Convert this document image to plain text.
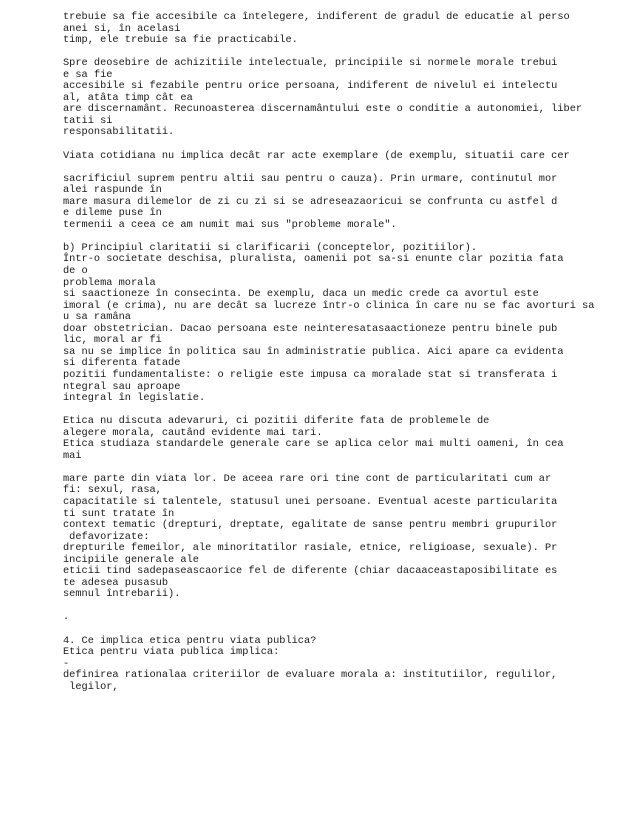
trebuie sa fie accesibile ca întelegere, indiferent de gradul de educatie al perso
anei si, în acelasi
timp, ele trebuie sa fie practicabile.
Spre deosebire de achizitiile intelectuale, principiile si normele morale trebui
e sa fie
accesibile si fezabile pentru orice persoana, indiferent de nivelul ei intelectu
al, atâta timp cât ea
are discernamânt. Recunoasterea discernamântului este o conditie a autonomiei, liber
tatii si
responsabilitatii.
Viata cotidiana nu implica decât rar acte exemplare (de exemplu, situatii care cer
sacrificiul suprem pentru altii sau pentru o cauza). Prin urmare, continutul mor
alei raspunde în
mare masura dilemelor de zi cu zi si se adreseazaoricui se confrunta cu astfel d
e dileme puse în
termenii a ceea ce am numit mai sus "probleme morale".
b) Principiul claritatii si clarificarii (conceptelor, pozitiilor).
Într-o societate deschisa, pluralista, oamenii pot sa-si enunte clar pozitia fata
de o
problema morala
si saactioneze în consecinta. De exemplu, daca un medic crede ca avortul este
imoral (e crima), nu are decât sa lucreze într-o clinica în care nu se fac avorturi sa
u sa ramâna
doar obstetrician. Dacao persoana este neinteresatasaactioneze pentru binele pub
lic, moral ar fi
sa nu se implice în politica sau în administratie publica. Aici apare ca evidenta
si diferenta fatade
pozitii fundamentaliste: o religie este impusa ca moralade stat si transferata i
ntegral sau aproape
integral în legislatie.
Etica nu discuta adevaruri, ci pozitii diferite fata de problemele de
alegere morala, cautând evidente mai tari.
Etica studiaza standardele generale care se aplica celor mai multi oameni, în cea
mai
mare parte din viata lor. De aceea rare ori tine cont de particularitati cum ar
fi: sexul, rasa,
capacitatile si talentele, statusul unei persoane. Eventual aceste particularita
ti sunt tratate în
context tematic (drepturi, dreptate, egalitate de sanse pentru membri grupurilor
defavorizate:
drepturile femeilor, ale minoritatilor rasiale, etnice, religioase, sexuale). Pr
incipiile generale ale
eticii tind sadepaseascaorice fel de diferente (chiar dacaaceastaposibilitate es
te adesea pusasub
semnul întrebarii).
.
4. Ce implica etica pentru viata publica?
Etica pentru viata publica implica:
-
definirea rationalaa criteriilor de evaluare morala a: institutiilor, regulilor,
legilor,
